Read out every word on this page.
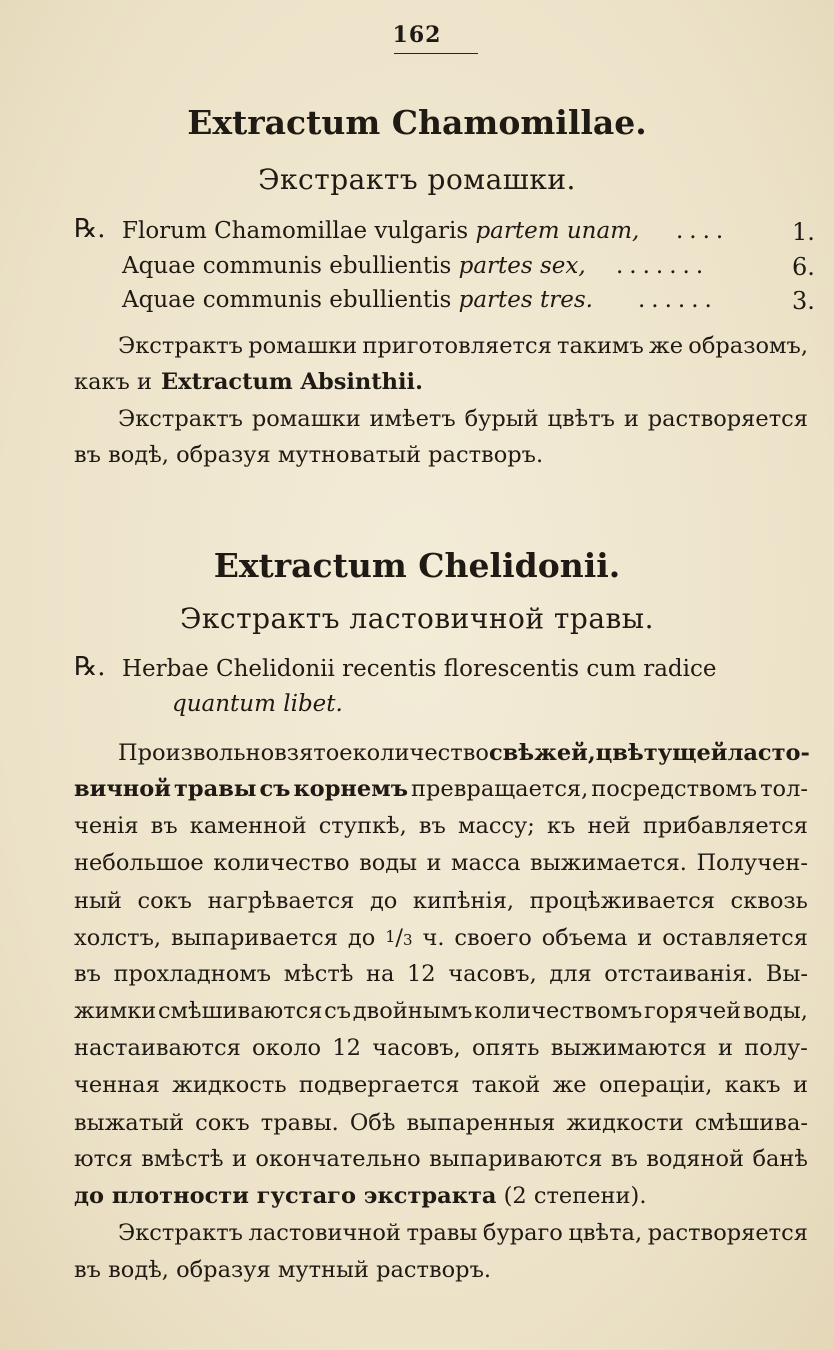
162
Extractum Chamomillae.
Экстрактъ ромашки.
℞. Florum Chamomillae vulgaris partem unam, ....	1.
Aquae communis ebullientis partes sex, .......	6.
Aquae communis ebullientis partes tres. ......	3.
Экстрактъ ромашки приготовляется такимъ же образомъ,
какъ и Extractum Absinthii.
Экстрактъ ромашки имѣетъ бурый цвѣтъ и растворяется
въ водѣ, образуя мутноватый растворъ.
Extractum Chelidonii.
Экстрактъ ластовичной травы.
℞. Herbae Chelidonii recentis florescentis cum radice
quantum libet.
Произвольно взятое количество свѣжей, цвѣтущей ласто-
вичной травы съ корнемъ превращается, посредствомъ тол-
ченія въ каменной ступкѣ, въ массу; къ ней прибавляется
небольшое количество воды и масса выжимается. Получен-
ный сокъ нагрѣвается до кипѣнія, процѣживается сквозь
холстъ, выпаривается до 1/3 ч. своего объема и оставляется
въ прохладномъ мѣстѣ на 12 часовъ, для отстаиванія. Вы-
жимки смѣшиваются съ двойнымъ количествомъ горячей воды,
настаиваются около 12 часовъ, опять выжимаются и полу-
ченная жидкость подвергается такой же операціи, какъ и
выжатый сокъ травы. Обѣ выпаренныя жидкости смѣшива-
ются вмѣстѣ и окончательно выпариваются въ водяной банѣ
до плотности густаго экстракта (2 степени).
Экстрактъ ластовичной травы бураго цвѣта, растворяется
въ водѣ, образуя мутный растворъ.
